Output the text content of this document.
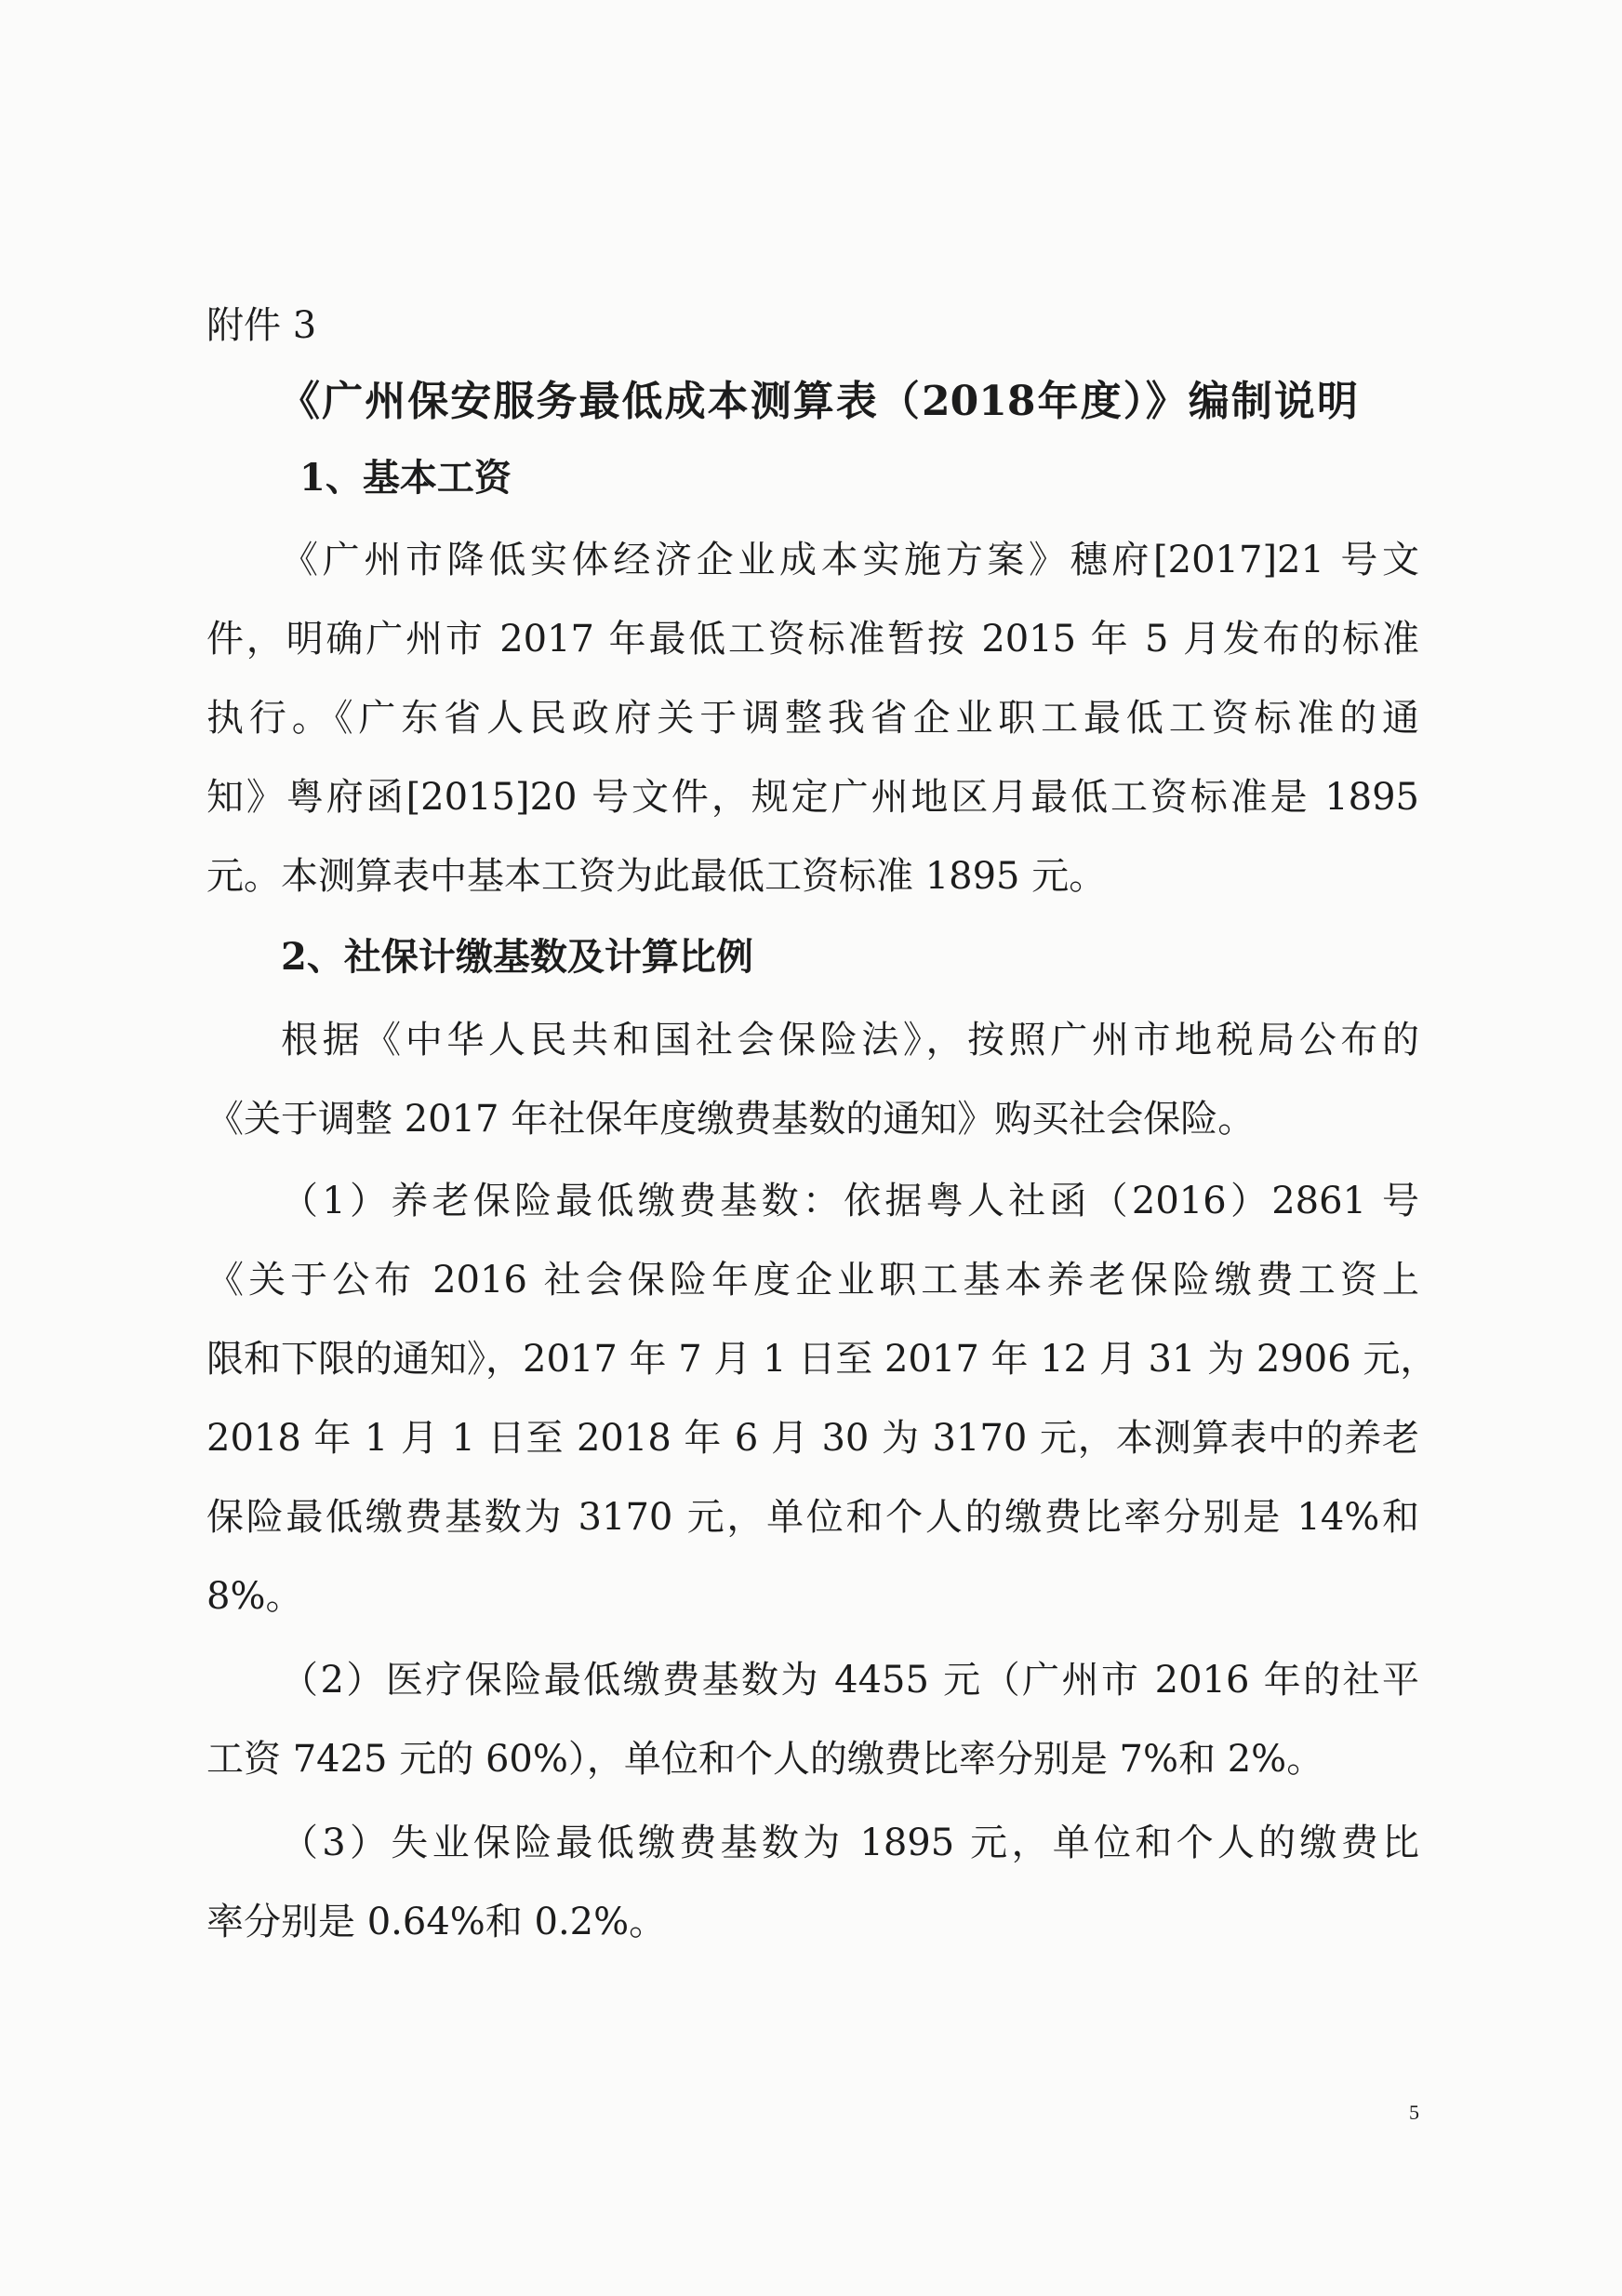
附件 3
《广州保安服务最低成本测算表（2018年度）》编制说明
1、基本工资
《广州市降低实体经济企业成本实施方案》穗府[2017]21 号文
件，明确广州市 2017 年最低工资标准暂按 2015 年 5 月发布的标准
执行。《广东省人民政府关于调整我省企业职工最低工资标准的通
知》粤府函[2015]20 号文件，规定广州地区月最低工资标准是 1895
元。本测算表中基本工资为此最低工资标准 1895 元。
2、社保计缴基数及计算比例
根据《中华人民共和国社会保险法》，按照广州市地税局公布的
《关于调整 2017 年社保年度缴费基数的通知》购买社会保险。
（1）养老保险最低缴费基数：依据粤人社函（2016）2861 号
《关于公布 2016 社会保险年度企业职工基本养老保险缴费工资上
限和下限的通知》，2017 年 7 月 1 日至 2017 年 12 月 31 为 2906 元，
2018 年 1 月 1 日至 2018 年 6 月 30 为 3170 元，本测算表中的养老
保险最低缴费基数为 3170 元，单位和个人的缴费比率分别是 14%和
8%。
（2）医疗保险最低缴费基数为 4455 元（广州市 2016 年的社平
工资 7425 元的 60%），单位和个人的缴费比率分别是 7%和 2%。
（3）失业保险最低缴费基数为 1895 元，单位和个人的缴费比
率分别是 0.64%和 0.2%。
5
